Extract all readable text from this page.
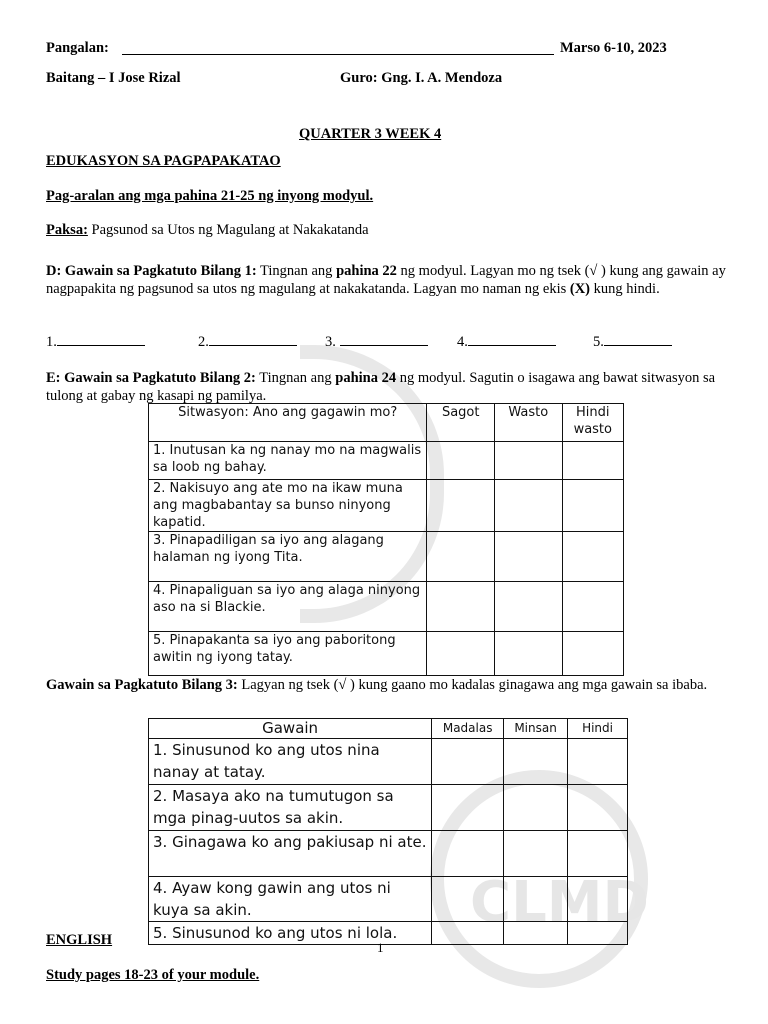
CLMD
Pangalan:	Marso 6-10, 2023
Baitang – I Jose Rizal	Guro: Gng. I. A. Mendoza
QUARTER 3 WEEK 4
EDUKASYON SA PAGPAPAKATAO
Pag-aralan ang mga pahina 21-25 ng inyong modyul.
Paksa: Pagsunod sa Utos ng Magulang at Nakakatanda
D: Gawain sa Pagkatuto Bilang 1: Tingnan ang pahina 22 ng modyul. Lagyan mo ng tsek (√ ) kung ang gawain ay nagpapakita ng pagsunod sa utos ng magulang at nakakatanda. Lagyan mo naman ng ekis (X) kung hindi.
1.	2.	3.	4.	5.
E: Gawain sa Pagkatuto Bilang 2: Tingnan ang pahina 24 ng modyul. Sagutin o isagawa ang bawat sitwasyon sa tulong at gabay ng kasapi ng pamilya.
Sitwasyon: Ano ang gagawin mo?	Sagot	Wasto	Hindi wasto
1. Inutusan ka ng nanay mo na magwalis sa loob ng bahay.			
2. Nakisuyo ang ate mo na ikaw muna ang magbabantay sa bunso ninyong kapatid.			
3. Pinapadiligan sa iyo ang alagang halaman ng iyong Tita.			
4. Pinapaliguan sa iyo ang alaga ninyong aso na si Blackie.			
5. Pinapakanta sa iyo ang paboritong awitin ng iyong tatay.			
Gawain sa Pagkatuto Bilang 3: Lagyan ng tsek (√ ) kung gaano mo kadalas ginagawa ang mga gawain sa ibaba.
Gawain	Madalas	Minsan	Hindi
1. Sinusunod ko ang utos nina nanay at tatay.			
2. Masaya ako na tumutugon sa mga pinag-uutos sa akin.			
3. Ginagawa ko ang pakiusap ni ate.			
4. Ayaw kong gawin ang utos ni kuya sa akin.			
5. Sinusunod ko ang utos ni lola.			
ENGLISH	1
Study pages 18-23 of your module.
